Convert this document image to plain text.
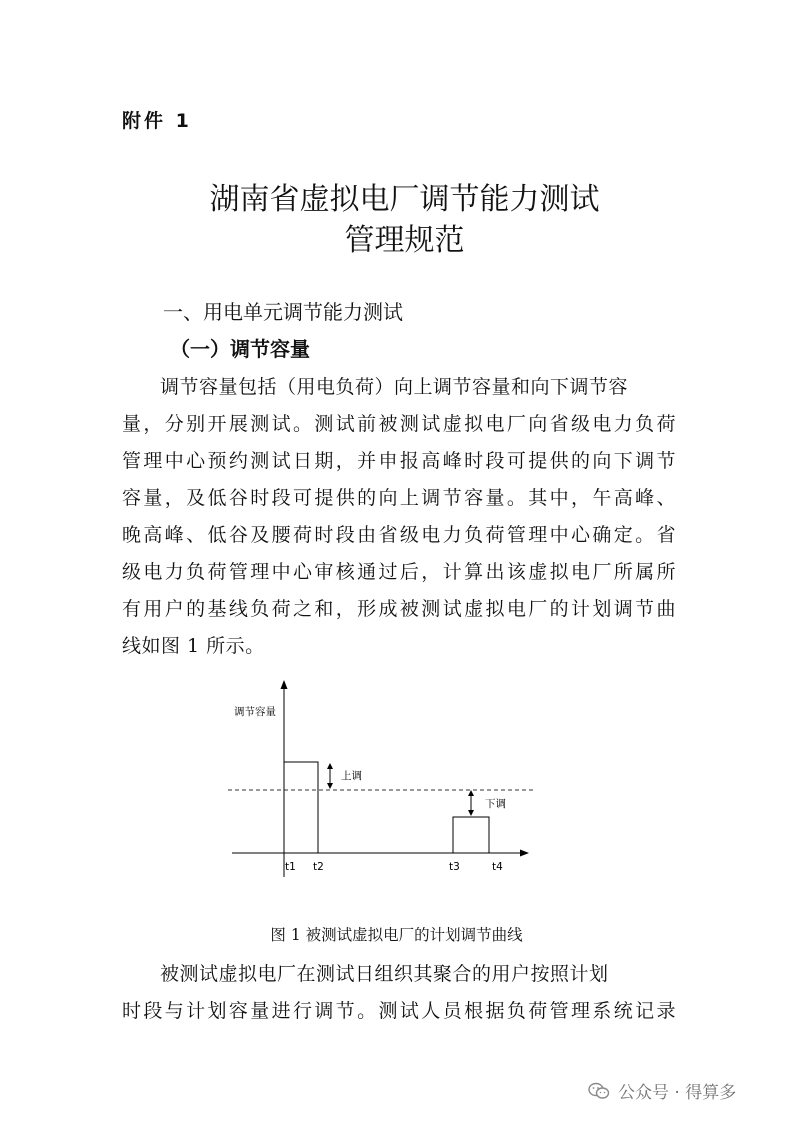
附件 1
湖南省虚拟电厂调节能力测试
管理规范
一、用电单元调节能力测试
（一）调节容量
调节容量包括（用电负荷）向上调节容量和向下调节容
量，分别开展测试。测试前被测试虚拟电厂向省级电力负荷
管理中心预约测试日期，并申报高峰时段可提供的向下调节
容量，及低谷时段可提供的向上调节容量。其中，午高峰、
晚高峰、低谷及腰荷时段由省级电力负荷管理中心确定。省
级电力负荷管理中心审核通过后，计算出该虚拟电厂所属所
有用户的基线负荷之和，形成被测试虚拟电厂的计划调节曲
线如图 1 所示。
调节容量
上调
下调
t1 t2	t3	t4
图 1 被测试虚拟电厂的计划调节曲线
被测试虚拟电厂在测试日组织其聚合的用户按照计划
时段与计划容量进行调节。测试人员根据负荷管理系统记录
公众号 · 得算多
